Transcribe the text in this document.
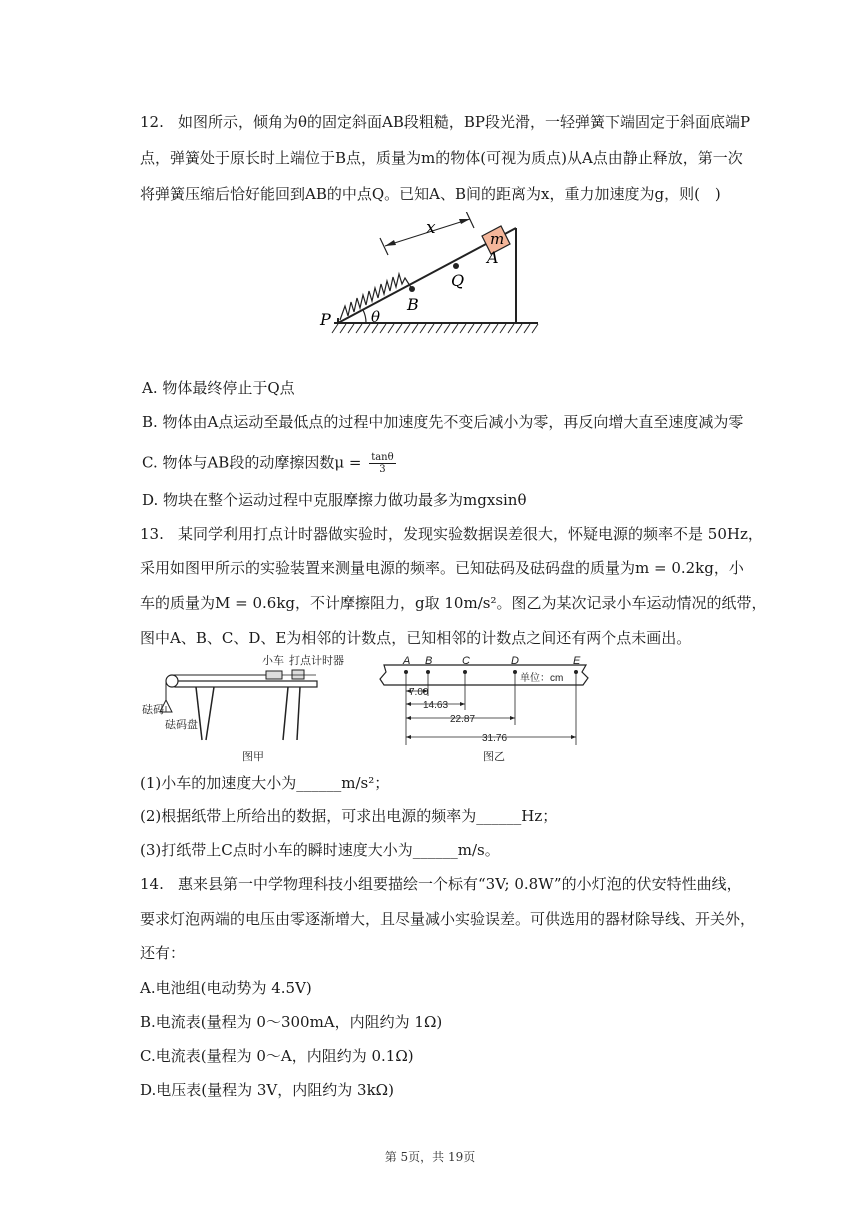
12. 如图所示，倾角为θ的固定斜面AB段粗糙，BP段光滑，一轻弹簧下端固定于斜面底端P
点，弹簧处于原长时上端位于B点，质量为m的物体(可视为质点)从A点由静止释放，第一次
将弹簧压缩后恰好能回到AB的中点Q。已知A、B间的距离为x，重力加速度为g，则(　)
x
m
A
Q
B
P	θ
A. 物体最终停止于Q点
B. 物体由A点运动至最低点的过程中加速度先不变后减小为零，再反向增大直至速度减为零
C. 物体与AB段的动摩擦因数$\mu = \frac{\tan\theta}{3}$
D. 物块在整个运动过程中克服摩擦力做功最多为mgxsinθ
13. 某同学利用打点计时器做实验时，发现实验数据误差很大，怀疑电源的频率不是 50Hz，
采用如图甲所示的实验装置来测量电源的频率。已知砝码及砝码盘的质量为m = 0.2kg，小
车的质量为M = 0.6kg，不计摩擦阻力，g取 10m/s²。图乙为某次记录小车运动情况的纸带，
图中A、B、C、D、E为相邻的计数点，已知相邻的计数点之间还有两个点未画出。
小车 打点计时器
砝码
砝码盘
图甲
A B	C	D	E
单位：cm
7.00
14.63
22.87
31.76
图乙
(1)小车的加速度大小为______m/s²；
(2)根据纸带上所给出的数据，可求出电源的频率为______Hz；
(3)打纸带上C点时小车的瞬时速度大小为______m/s。
14. 惠来县第一中学物理科技小组要描绘一个标有“3V; 0.8W”的小灯泡的伏安特性曲线，
要求灯泡两端的电压由零逐渐增大，且尽量减小实验误差。可供选用的器材除导线、开关外，
还有：
A.电池组(电动势为 4.5V)
B.电流表(量程为 0～300mA，内阻约为 1Ω)
C.电流表(量程为 0～A，内阻约为 0.1Ω)
D.电压表(量程为 3V，内阻约为 3kΩ)
第 5页，共 19页
